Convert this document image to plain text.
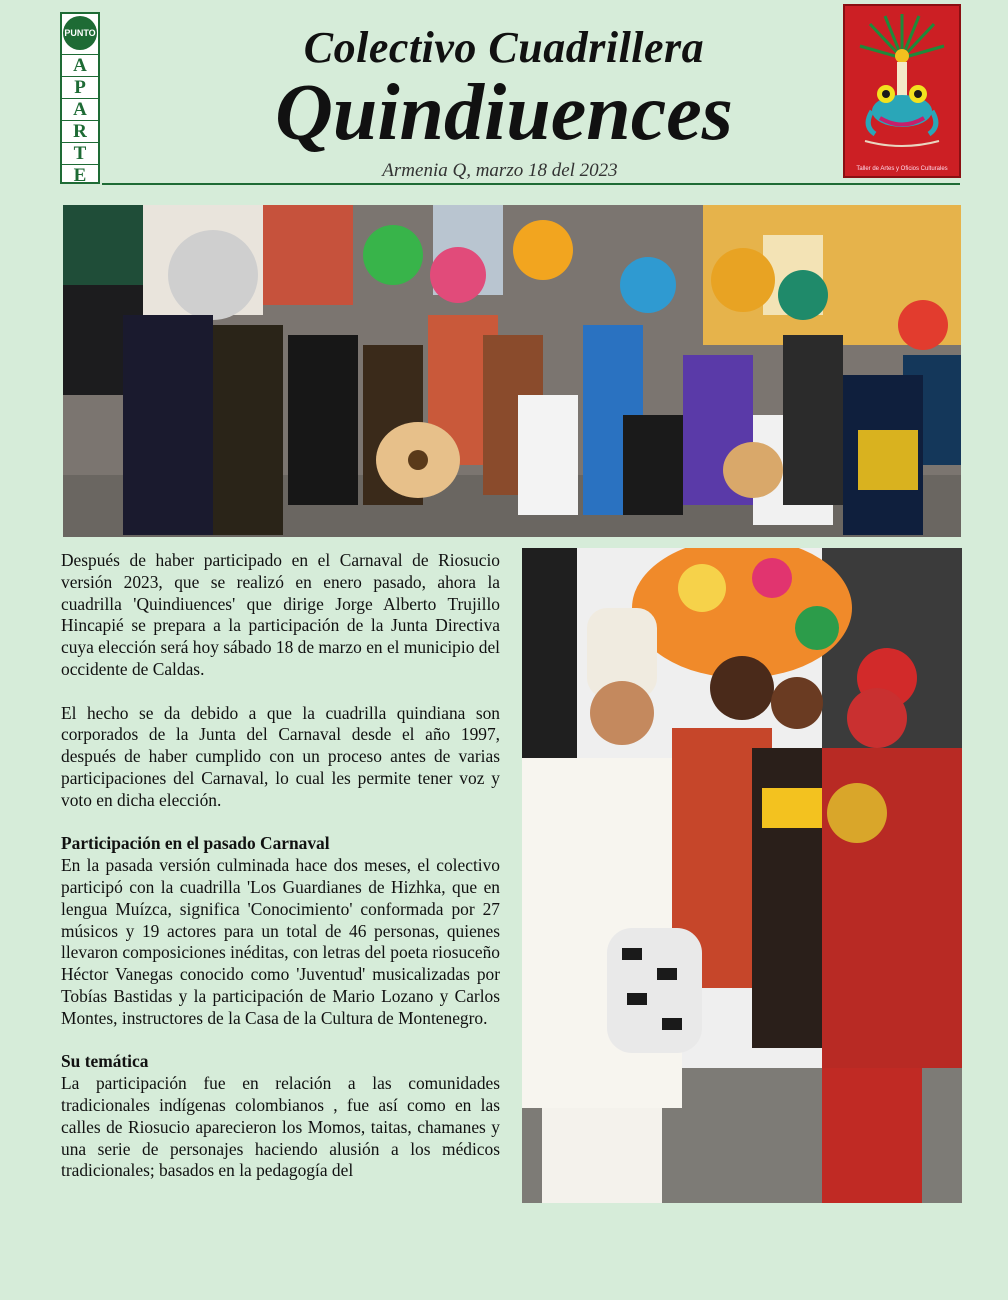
PUNTO
A
P
A
R
T
E
Colectivo Cuadrillera
Quindiuences
Armenia Q, marzo 18 del 2023	Taller de Artes y Oficios Culturales

Después de haber participado en el Carnaval de Riosucio versión 2023, que se realizó en enero pasado, ahora la cuadrilla 'Quindiuences' que dirige Jorge Alberto Trujillo Hincapié se prepara a la participación de la Junta Directiva cuya elección será hoy sábado 18 de marzo en el municipio del occidente de Caldas.

El hecho se da debido a que la cuadrilla quindiana son corporados de la Junta del Carnaval desde el año 1997, después de haber cumplido con un proceso antes de varias participaciones del Carnaval, lo cual les permite tener voz y voto en dicha elección.

Participación en el pasado Carnaval

En la pasada versión culminada hace dos meses, el colectivo participó con la cuadrilla 'Los Guardianes de Hizhka, que en lengua Muízca, significa 'Conocimiento' conformada por 27 músicos y 19 actores para un total de 46 personas, quienes llevaron composiciones inéditas, con letras del poeta riosuceño Héctor Vanegas conocido como 'Juventud' musicalizadas por Tobías Bastidas y la participación de Mario Lozano y Carlos Montes, instructores de la Casa de la Cultura de Montenegro.

Su temática

La participación fue en relación a las comunidades tradicionales indígenas colombianos , fue así como en las calles de Riosucio aparecieron los Momos, taitas, chamanes y una serie de personajes haciendo alusión a los médicos tradicionales; basados en la pedagogía del
